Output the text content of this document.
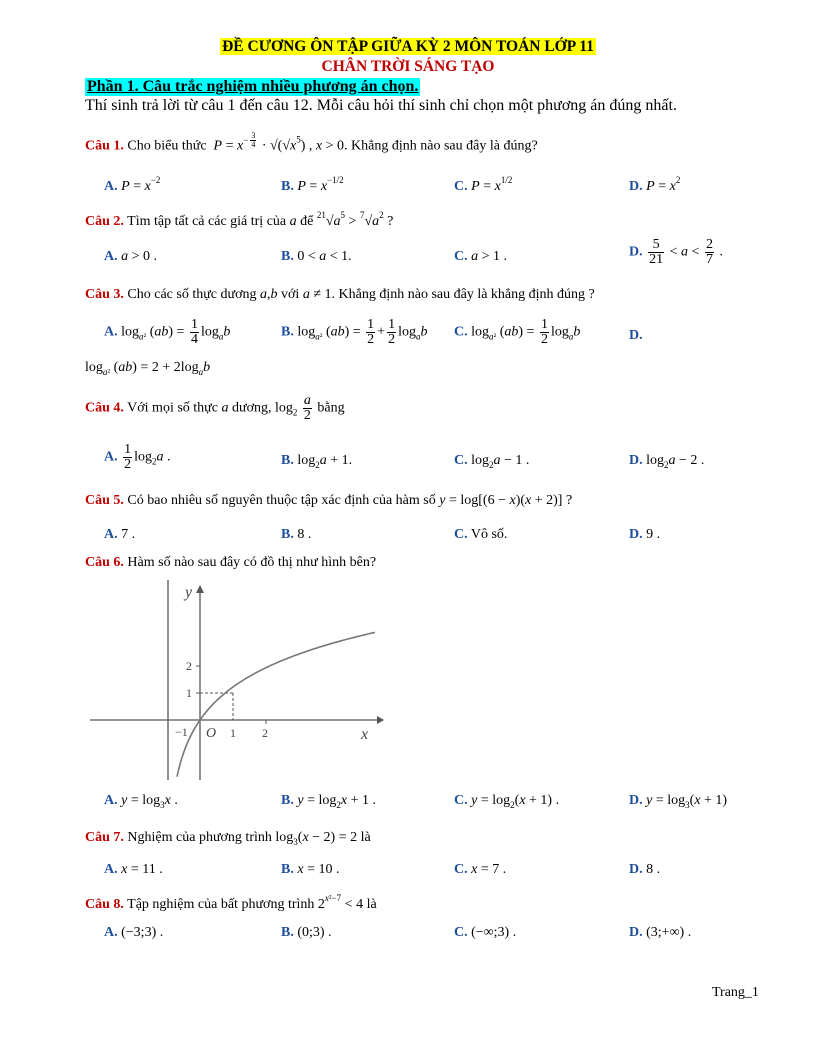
ĐỀ CƯƠNG ÔN TẬP GIỮA KỲ 2 MÔN TOÁN LỚP 11
CHÂN TRỜI SÁNG TẠO
Phần 1. Câu trắc nghiệm nhiều phương án chọn.
Thí sinh trả lời từ câu 1 đến câu 12. Mỗi câu hỏi thí sinh chỉ chọn một phương án đúng nhất.
Câu 1. Cho biểu thức  $P = x^{- \frac{3}{4}} \cdot √(√x^5)$ , x > 0. Khẳng định nào sau đây là đúng?
A. $P = x^{-2}$	B. $P = x^{-1/2}$	C. $P = x^{1/2}$	D. $P = x^2$
Câu 2. Tìm tập tất cả các giá trị của a để $^{21}√a^5 > ^7√a^2$ ?
A. a > 0 .	B. 0 < a < 1.	C. a > 1 .	D. $\frac{5}{21} < a < \frac{2}{7}$ .
Câu 3. Cho các số thực dương a,b với a ≠ 1. Khẳng định nào sau đây là khẳng định đúng ?
A. $\log_{a^2} (ab) = \frac{1}{4} \log_ab$	B. $\log_{a^2} (ab) = \frac{1}{2} + \frac{1}{2} \log_ab$ C. $\log_{a^2} (ab) = \frac{1}{2} \log_ab$	D.
$\log_{a^2} (ab) = 2 + 2\log_ab$
Câu 4. Với mọi số thực a dương, $\log_2 \frac{a}{2}$ bằng
A. $\frac{1}{2} \log_2a$ .	B. $\log_2a + 1$.	C. $\log_2a - 1$ .	D. $\log_2a - 2$ .
Câu 5. Có bao nhiêu số nguyên thuộc tập xác định của hàm số y = log[(6 − x)(x + 2)] ?
A. 7 .	B. 8 .	C. Vô số.	D. 9 .
Câu 6. Hàm số nào sau đây có đồ thị như hình bên?
y
x
O
−1	1 2
1
2
A. $y = \log_3x$ .	B. $y = \log_2x + 1$ .	C. $y = \log_2(x + 1)$ .	D. $y = \log_3(x + 1)$
Câu 7. Nghiệm của phương trình $\log_3(x - 2) = 2$ là
A. x = 11 .	B. x = 10 .	C. x = 7 .	D. 8 .
Câu 8. Tập nghiệm của bất phương trình $2^{x^2-7} < 4$ là
A. (−3;3) .	B. (0;3) .	C. (−∞;3) .	D. (3;+∞) .
Trang_1
